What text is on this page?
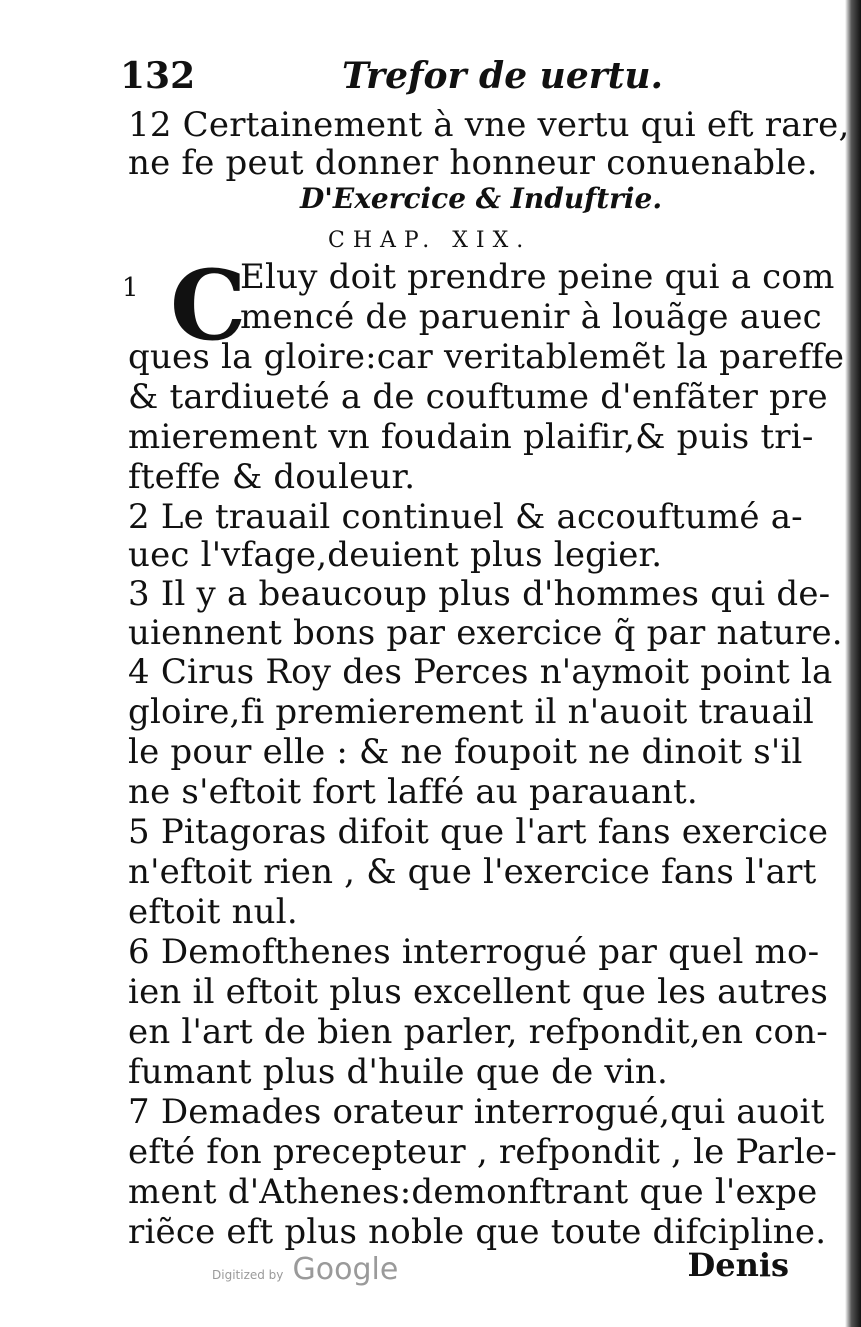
132	Trefor de uertu.
12 Certainement à vne vertu qui eft rare,
ne fe peut donner honneur conuenable.
D'Exercice & Induftrie.
CHAP. XIX.
1 C
Eluy doit prendre peine qui a com
mencé de paruenir à louãge auec
ques la gloire:car veritablemẽt la pareffe
& tardiueté a de couftume d'enfãter pre
mierement vn foudain plaifir,& puis tri-
fteffe & douleur.
2 Le trauail continuel & accouftumé a-
uec l'vfage,deuient plus legier.
3 Il y a beaucoup plus d'hommes qui de-
uiennent bons par exercice q̃ par nature.
4 Cirus Roy des Perces n'aymoit point la
gloire,fi premierement il n'auoit trauail
le pour elle : & ne foupoit ne dinoit s'il
ne s'eftoit fort laffé au parauant.
5 Pitagoras difoit que l'art fans exercice
n'eftoit rien , & que l'exercice fans l'art
eftoit nul.
6 Demofthenes interrogué par quel mo-
ien il eftoit plus excellent que les autres
en l'art de bien parler, refpondit,en con-
fumant plus d'huile que de vin.
7 Demades orateur interrogué,qui auoit
efté fon precepteur , refpondit , le Parle-
ment d'Athenes:demonftrant que l'expe
riẽce eft plus noble que toute difcipline.
Digitized by Google	Denis
